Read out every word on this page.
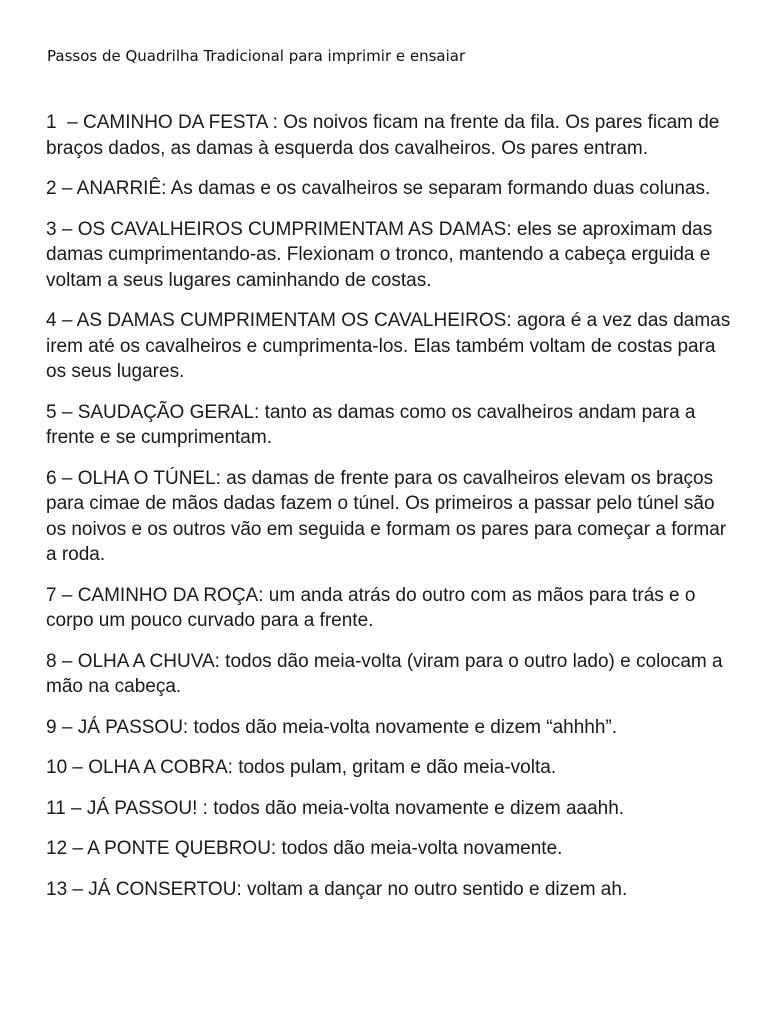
Passos de Quadrilha Tradicional para imprimir e ensaiar
1  – CAMINHO DA FESTA : Os noivos ficam na frente da fila. Os pares ficam de braços dados, as damas à esquerda dos cavalheiros. Os pares entram.
2 – ANARRIÊ: As damas e os cavalheiros se separam formando duas colunas.
3 – OS CAVALHEIROS CUMPRIMENTAM AS DAMAS: eles se aproximam das damas cumprimentando-as. Flexionam o tronco, mantendo a cabeça erguida e voltam a seus lugares caminhando de costas.
4 – AS DAMAS CUMPRIMENTAM OS CAVALHEIROS: agora é a vez das damas irem até os cavalheiros e cumprimenta-los. Elas também voltam de costas para os seus lugares.
5 – SAUDAÇÃO GERAL: tanto as damas como os cavalheiros andam para a frente e se cumprimentam.
6 – OLHA O TÚNEL: as damas de frente para os cavalheiros elevam os braços para cimae de mãos dadas fazem o túnel. Os primeiros a passar pelo túnel são os noivos e os outros vão em seguida e formam os pares para começar a formar a roda.
7 – CAMINHO DA ROÇA: um anda atrás do outro com as mãos para trás e o corpo um pouco curvado para a frente.
8 – OLHA A CHUVA: todos dão meia-volta (viram para o outro lado) e colocam a mão na cabeça.
9 – JÁ PASSOU: todos dão meia-volta novamente e dizem “ahhhh”.
10 – OLHA A COBRA: todos pulam, gritam e dão meia-volta.
11 – JÁ PASSOU! : todos dão meia-volta novamente e dizem aaahh.
12 – A PONTE QUEBROU: todos dão meia-volta novamente.
13 – JÁ CONSERTOU: voltam a dançar no outro sentido e dizem ah.
